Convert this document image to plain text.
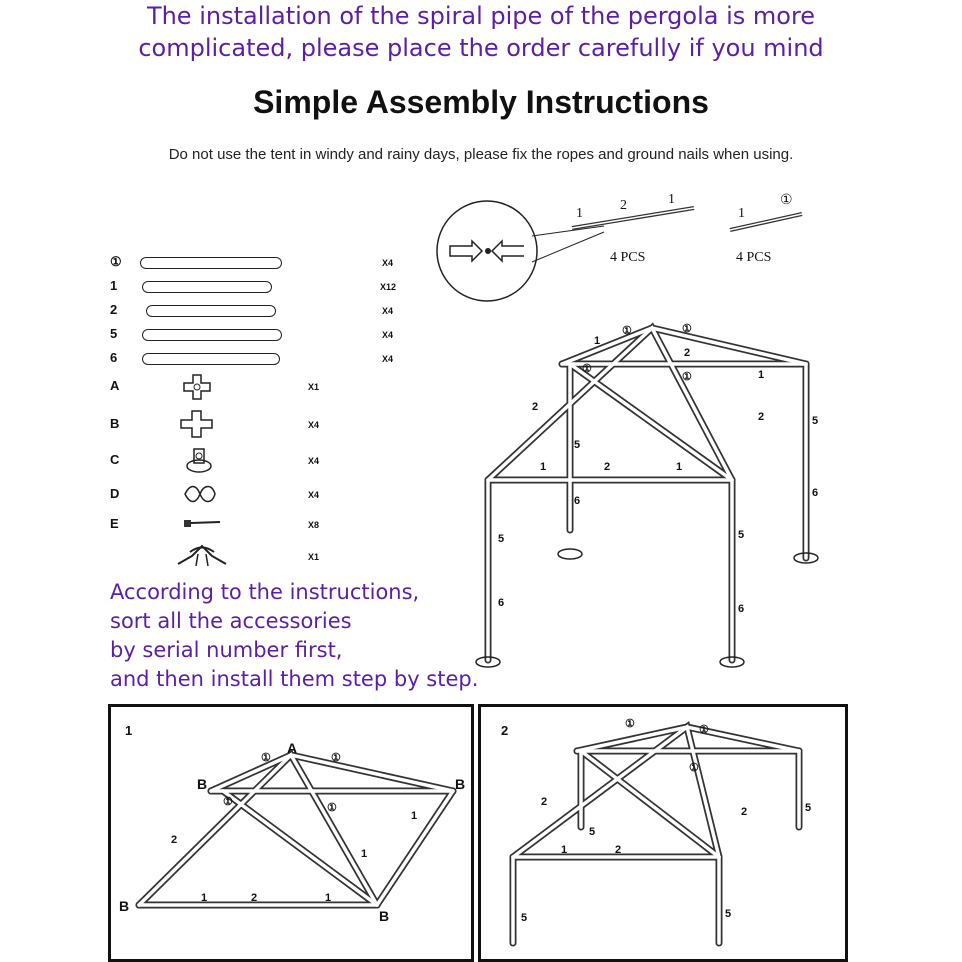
The installation of the spiral pipe of the pergola is more
complicated, please place the order carefully if you mind
Simple Assembly Instructions
Do not use the tent in windy and rainy days, please fix the ropes and ground nails when using.
①	X4
1	X12
2	X4
5	X4
6	X4
A	X1
B	X4
C	X4
D	X4
E	X8
X1
1
2	1
4 PCS
1
①
4 PCS
2
1
①	①
2
1
①
①
2	5
6
1	2	1
5
6
5
6
5
6
According to the instructions,
sort all the accessories
by serial number first,
and then install them step by step.
1
A
B	B
B
B
①	①
①	①
2
1
2
1	1
1
2	①	①
①
2
2
5
5
1	2
5	5
